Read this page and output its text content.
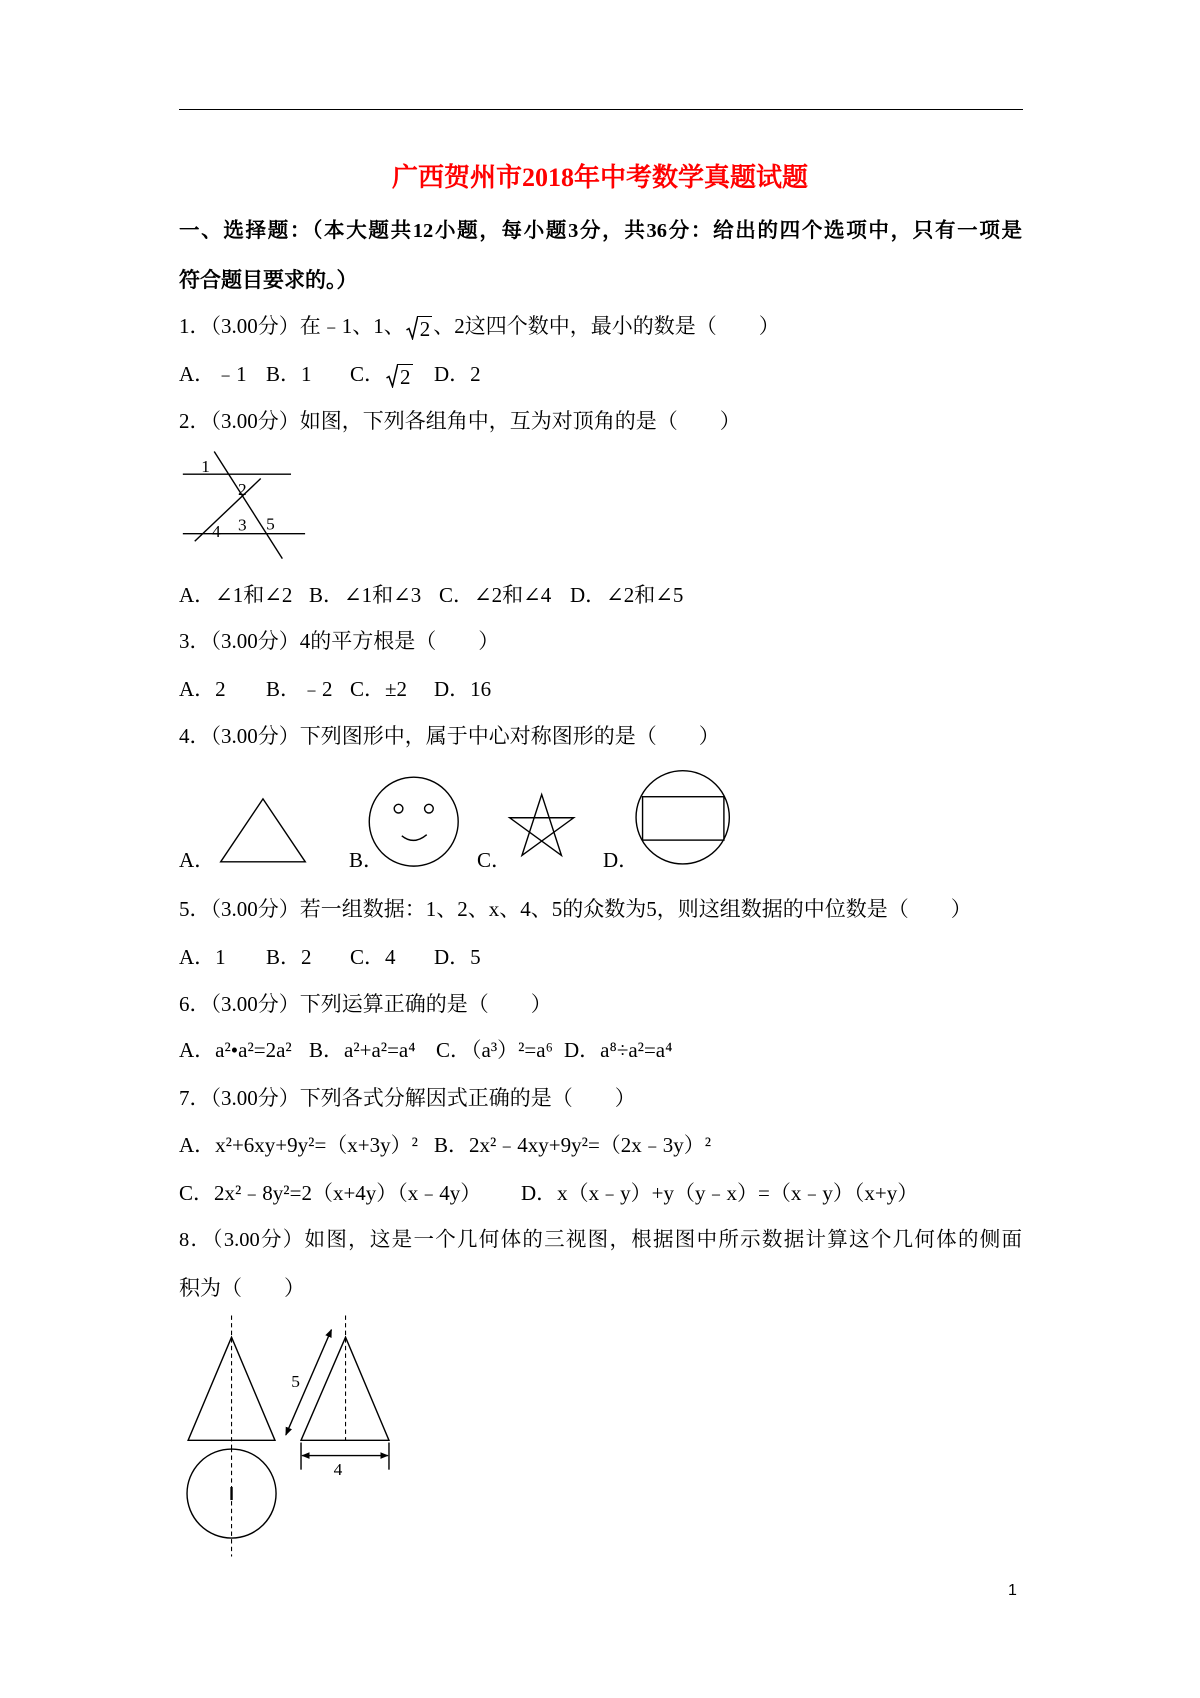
广西贺州市2018年中考数学真题试题
一、选择题：（本大题共12小题，每小题3分，共36分：给出的四个选项中，只有一项是
符合题目要求的。）
1．（3.00分）在﹣1、1、 2 、2这四个数中，最小的数是（　　）
A．﹣1 B．1 C． 2 D．2
2．（3.00分）如图，下列各组角中，互为对顶角的是（　　）
1
2
3
4	5
A．∠1和∠2 B．∠1和∠3 C．∠2和∠4 D．∠2和∠5
3．（3.00分）4的平方根是（　　）
A．2 B．﹣2 C．±2 D．16
4．（3.00分）下列图形中，属于中心对称图形的是（　　）
A．	B．	C．	D．
5．（3.00分）若一组数据：1、2、x、4、5的众数为5，则这组数据的中位数是（　　）
A．1 B．2 C．4 D．5
6．（3.00分）下列运算正确的是（　　）
A．a²•a²=2a² B．a²+a²=a⁴ C．（a³）²=a⁶ D．a⁸÷a²=a⁴
7．（3.00分）下列各式分解因式正确的是（　　）
A．x²+6xy+9y²=（x+3y）² B．2x²﹣4xy+9y²=（2x﹣3y）²
C．2x²﹣8y²=2（x+4y）（x﹣4y） D．x（x﹣y）+y（y﹣x）=（x﹣y）（x+y）
8．（3.00分）如图，这是一个几何体的三视图，根据图中所示数据计算这个几何体的侧面
积为（　　）
5
4
1
